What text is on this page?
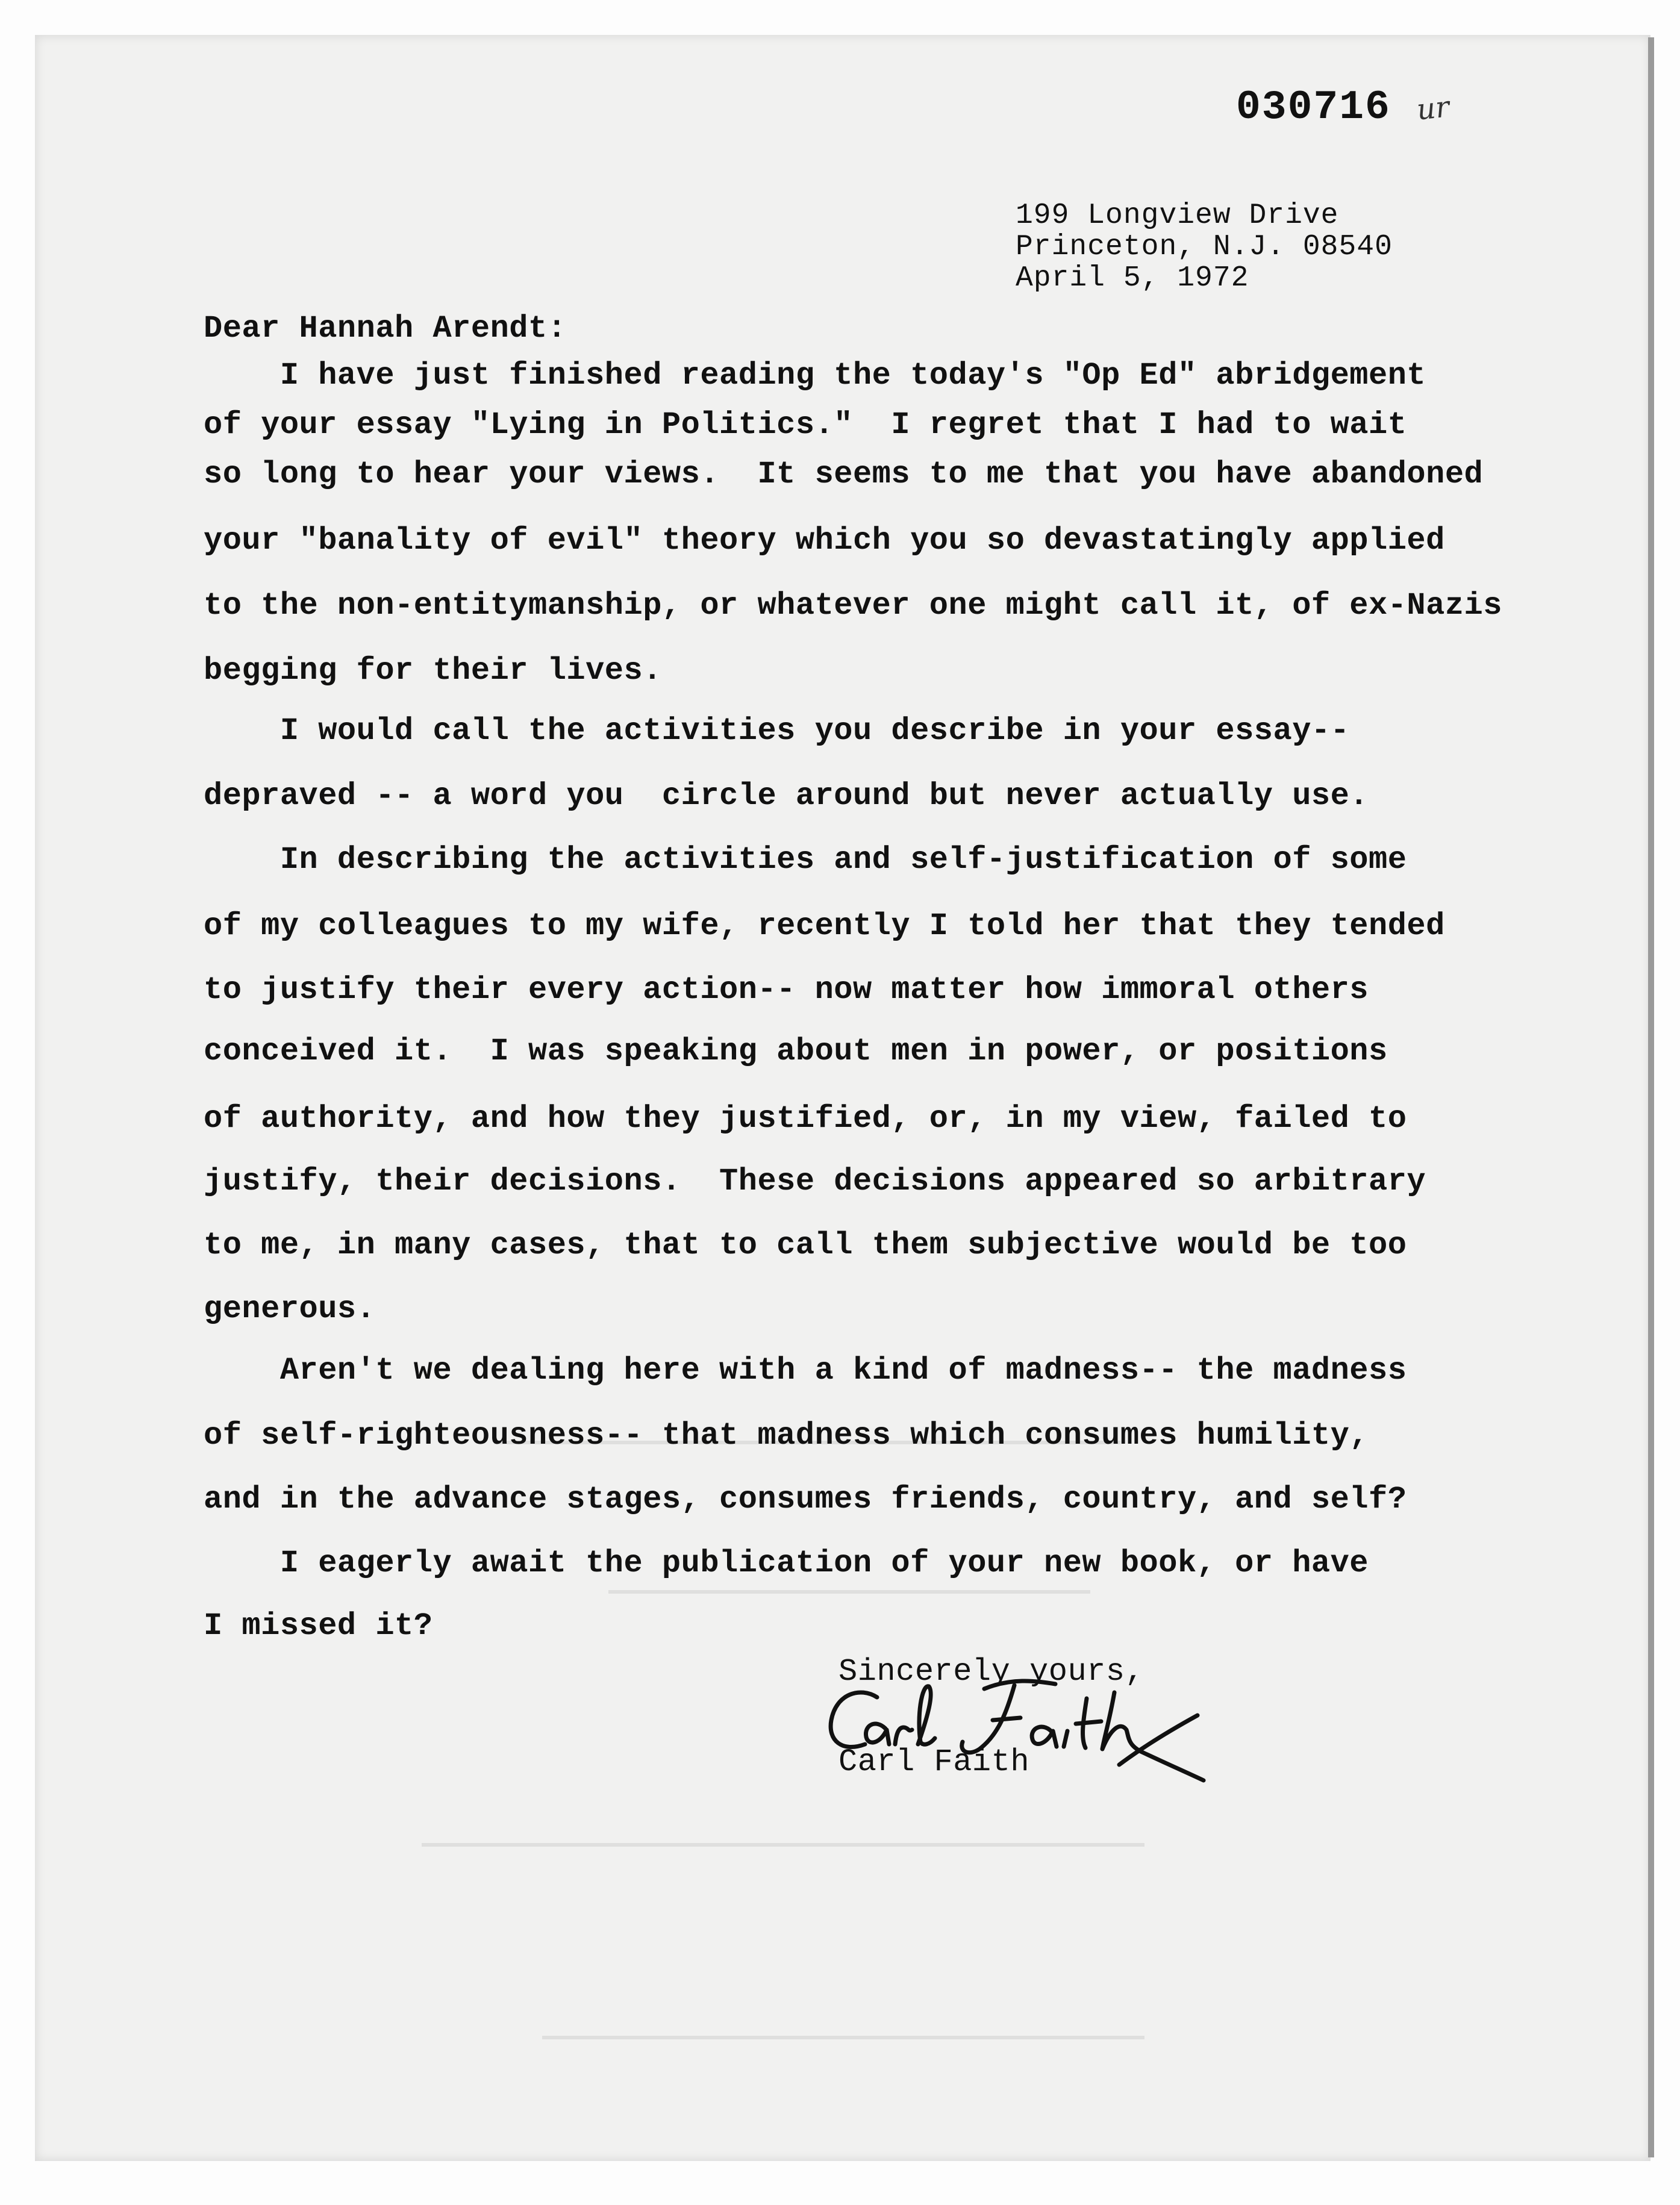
030716 ur
199 Longview Drive
Princeton, N.J. 08540
April 5, 1972
Dear Hannah Arendt:
I have just finished reading the today's "Op Ed" abridgement
of your essay "Lying in Politics."  I regret that I had to wait
so long to hear your views.  It seems to me that you have abandoned
your "banality of evil" theory which you so devastatingly applied
to the non-entitymanship, or whatever one might call it, of ex-Nazis
begging for their lives.
I would call the activities you describe in your essay--
depraved -- a word you  circle around but never actually use.
In describing the activities and self-justification of some
of my colleagues to my wife, recently I told her that they tended
to justify their every action-- now matter how immoral others
conceived it.  I was speaking about men in power, or positions
of authority, and how they justified, or, in my view, failed to
justify, their decisions.  These decisions appeared so arbitrary
to me, in many cases, that to call them subjective would be too
generous.
Aren't we dealing here with a kind of madness-- the madness
of self-righteousness-- that madness which consumes humility,
and in the advance stages, consumes friends, country, and self?
I eagerly await the publication of your new book, or have
I missed it?
Sincerely yours,
Carl Faith
